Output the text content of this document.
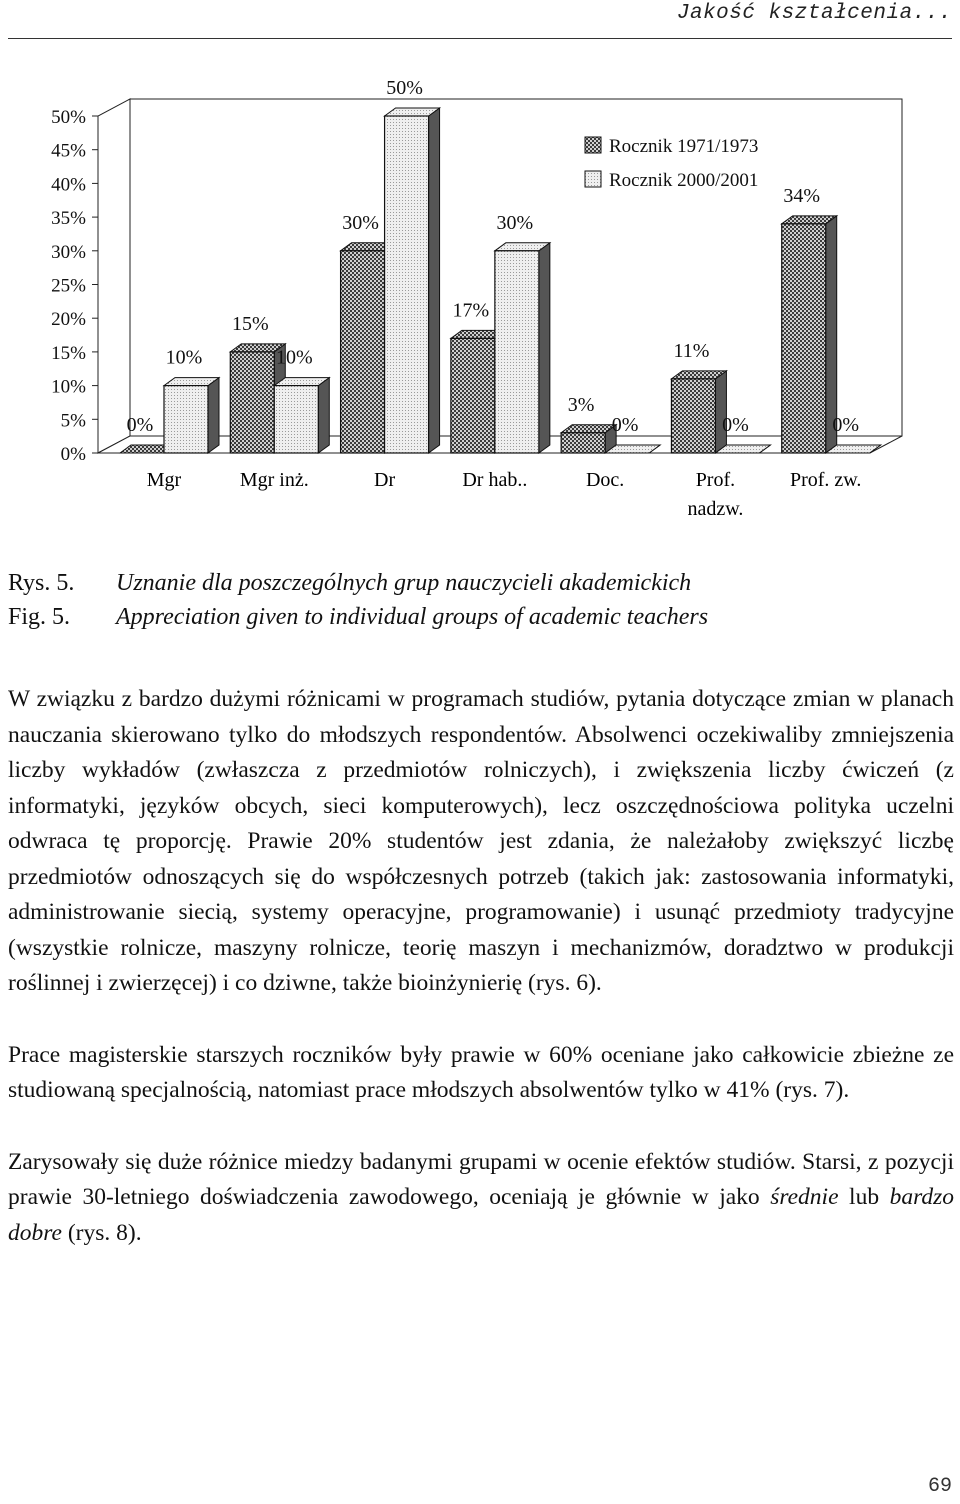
Jakość kształcenia...
0%
5%
10%
15%
20%
25%
30%
35%
40%
45%
50%
0%
10%
Mgr
15%
10%
Mgr inż.
30%
50%
Dr
17%
30%
Dr hab..
3%
0%
Doc.
11%
0%
Prof.
nadzw.
34%
0%
Prof. zw.
Rocznik 1971/1973
Rocznik 2000/2001
Rys. 5. Uznanie dla poszczególnych grup nauczycieli akademickich
Fig. 5. Appreciation given to individual groups of academic teachers

W związku z bardzo dużymi różnicami w programach studiów, pytania dotyczące zmian w planach nauczania skierowano tylko do młodszych respondentów. Absolwenci oczekiwaliby zmniejszenia liczby wykładów (zwłaszcza z przedmiotów rolniczych), i zwiększenia liczby ćwiczeń (z informatyki, języków obcych, sieci komputerowych), lecz oszczędnościowa polityka uczelni odwraca tę proporcję. Prawie 20% studentów jest zdania, że należałoby zwiększyć liczbę przedmiotów odnoszących się do współczesnych potrzeb (takich jak: zastosowania informatyki, administrowanie siecią, systemy operacyjne, programowanie) i usunąć przedmioty tradycyjne (wszystkie rolnicze, maszyny rolnicze, teorię maszyn i mechanizmów, doradztwo w produkcji roślinnej i zwierzęcej) i co dziwne, także bioinżynierię (rys. 6).

Prace magisterskie starszych roczników były prawie w 60% oceniane jako całkowicie zbieżne ze studiowaną specjalnością, natomiast prace młodszych absolwentów tylko w 41% (rys. 7).

Zarysowały się duże różnice miedzy badanymi grupami w ocenie efektów studiów. Starsi, z pozycji prawie 30-letniego doświadczenia zawodowego, oceniają je głównie w jako średnie lub bardzo dobre (rys. 8).

69
